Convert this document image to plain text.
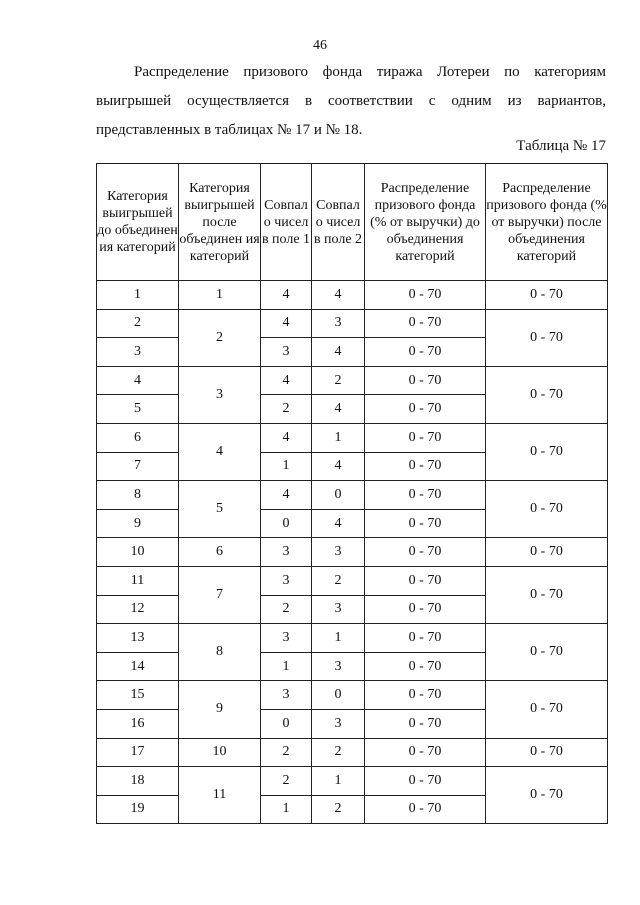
46

Распределение призового фонда тиража Лотереи по категориям выигрышей осуществляется в соответствии с одним из вариантов, представленных в таблицах № 17 и № 18.

Таблица № 17
Категория выигрышей до объединен ия категорий	Категория выигрышей после объединен ия категорий	Совпал о чисел в поле 1	Совпал о чисел в поле 2	Распределение призового фонда (% от выручки) до объединения категорий	Распределение призового фонда (% от выручки) после объединения категорий
1	1	4	4	0 - 70	0 - 70
2	2	4	3	0 - 70	0 - 70
3		3	4	0 - 70	
4	3	4	2	0 - 70	0 - 70
5		2	4	0 - 70	
6	4	4	1	0 - 70	0 - 70
7		1	4	0 - 70	
8	5	4	0	0 - 70	0 - 70
9		0	4	0 - 70	
10	6	3	3	0 - 70	0 - 70
11	7	3	2	0 - 70	0 - 70
12		2	3	0 - 70	
13	8	3	1	0 - 70	0 - 70
14		1	3	0 - 70	
15	9	3	0	0 - 70	0 - 70
16		0	3	0 - 70	
17	10	2	2	0 - 70	0 - 70
18	11	2	1	0 - 70	0 - 70
19		1	2	0 - 70	
